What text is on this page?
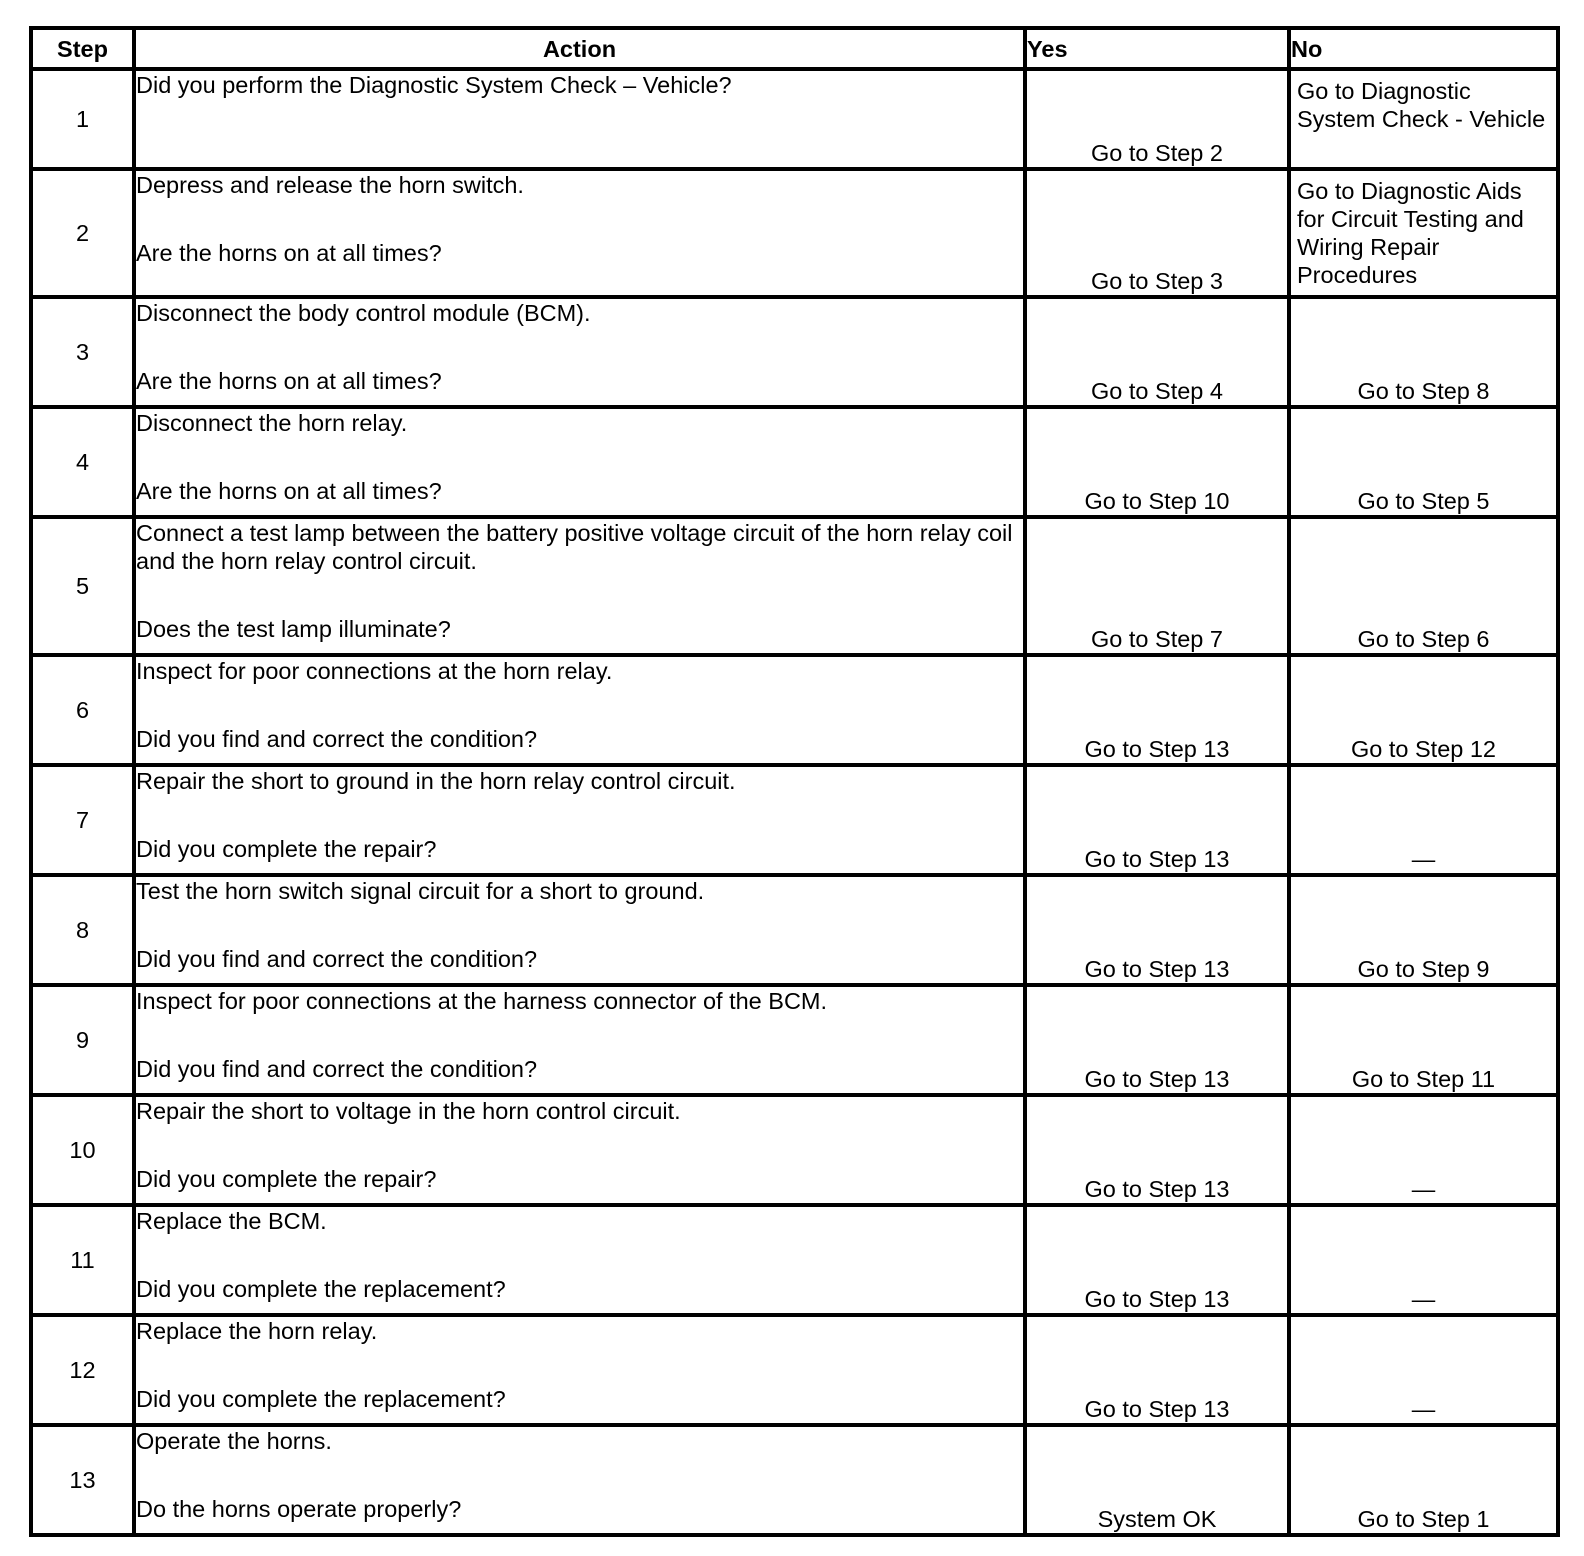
Step	Action	Yes	No
1	Did you perform the Diagnostic System Check – Vehicle?	Go to Step 2	Go to Diagnostic System Check - Vehicle
2	Depress and release the horn switch.
Are the horns on at all times?	Go to Step 3	Go to Diagnostic Aids for Circuit Testing and Wiring Repair Procedures
3	Disconnect the body control module (BCM).
Are the horns on at all times?	Go to Step 4	Go to Step 8
4	Disconnect the horn relay.
Are the horns on at all times?	Go to Step 10	Go to Step 5
5	Connect a test lamp between the battery positive voltage circuit of the horn relay coil and the horn relay control circuit.
Does the test lamp illuminate?	Go to Step 7	Go to Step 6
6	Inspect for poor connections at the horn relay.
Did you find and correct the condition?	Go to Step 13	Go to Step 12
7	Repair the short to ground in the horn relay control circuit.
Did you complete the repair?	Go to Step 13	—
8	Test the horn switch signal circuit for a short to ground.
Did you find and correct the condition?	Go to Step 13	Go to Step 9
9	Inspect for poor connections at the harness connector of the BCM.
Did you find and correct the condition?	Go to Step 13	Go to Step 11
10	Repair the short to voltage in the horn control circuit.
Did you complete the repair?	Go to Step 13	—
11	Replace the BCM.
Did you complete the replacement?	Go to Step 13	—
12	Replace the horn relay.
Did you complete the replacement?	Go to Step 13	—
13	Operate the horns.
Do the horns operate properly?	System OK	Go to Step 1
